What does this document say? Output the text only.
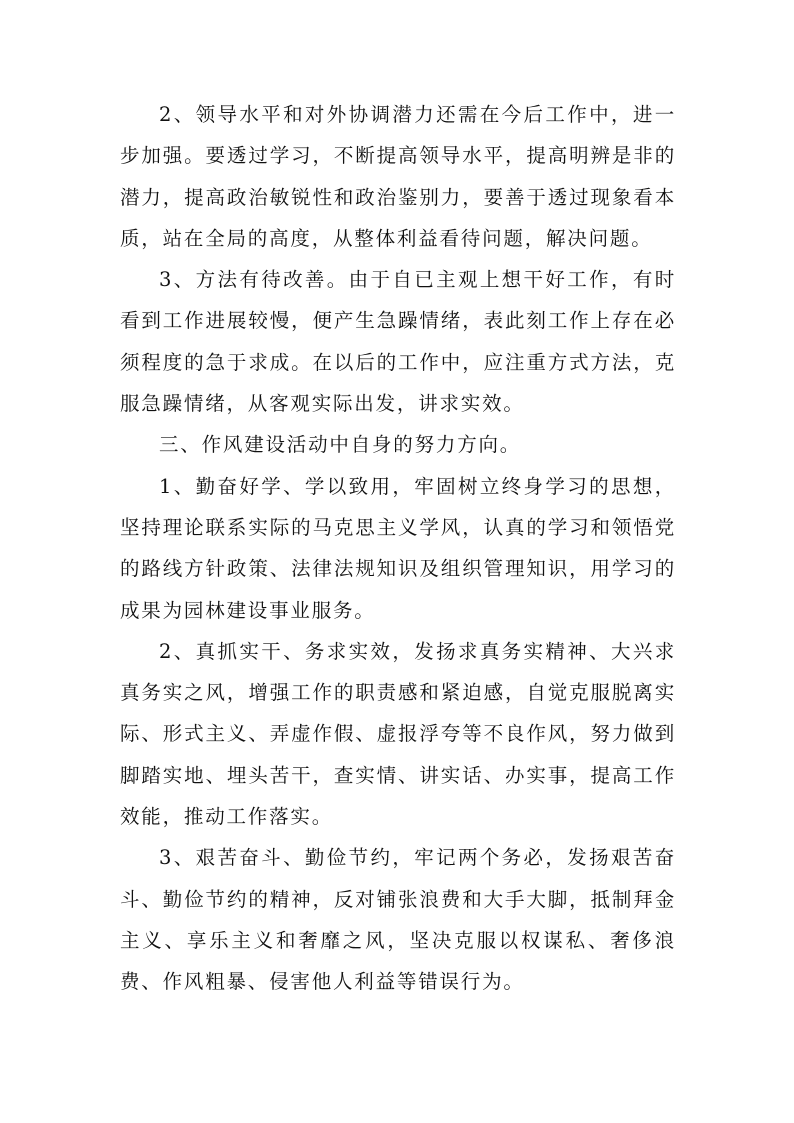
2、领导水平和对外协调潜力还需在今后工作中，进一步加强。要透过学习，不断提高领导水平，提高明辨是非的潜力，提高政治敏锐性和政治鉴别力，要善于透过现象看本质，站在全局的高度，从整体利益看待问题，解决问题。

3、方法有待改善。由于自已主观上想干好工作，有时看到工作进展较慢，便产生急躁情绪，表此刻工作上存在必须程度的急于求成。在以后的工作中，应注重方式方法，克服急躁情绪，从客观实际出发，讲求实效。

三、作风建设活动中自身的努力方向。

1、勤奋好学、学以致用，牢固树立终身学习的思想，坚持理论联系实际的马克思主义学风，认真的学习和领悟党的路线方针政策、法律法规知识及组织管理知识，用学习的成果为园林建设事业服务。

2、真抓实干、务求实效，发扬求真务实精神、大兴求真务实之风，增强工作的职责感和紧迫感，自觉克服脱离实际、形式主义、弄虚作假、虚报浮夸等不良作风，努力做到脚踏实地、埋头苦干，查实情、讲实话、办实事，提高工作效能，推动工作落实。

3、艰苦奋斗、勤俭节约，牢记两个务必，发扬艰苦奋斗、勤俭节约的精神，反对铺张浪费和大手大脚，抵制拜金主义、享乐主义和奢靡之风，坚决克服以权谋私、奢侈浪费、作风粗暴、侵害他人利益等错误行为。
